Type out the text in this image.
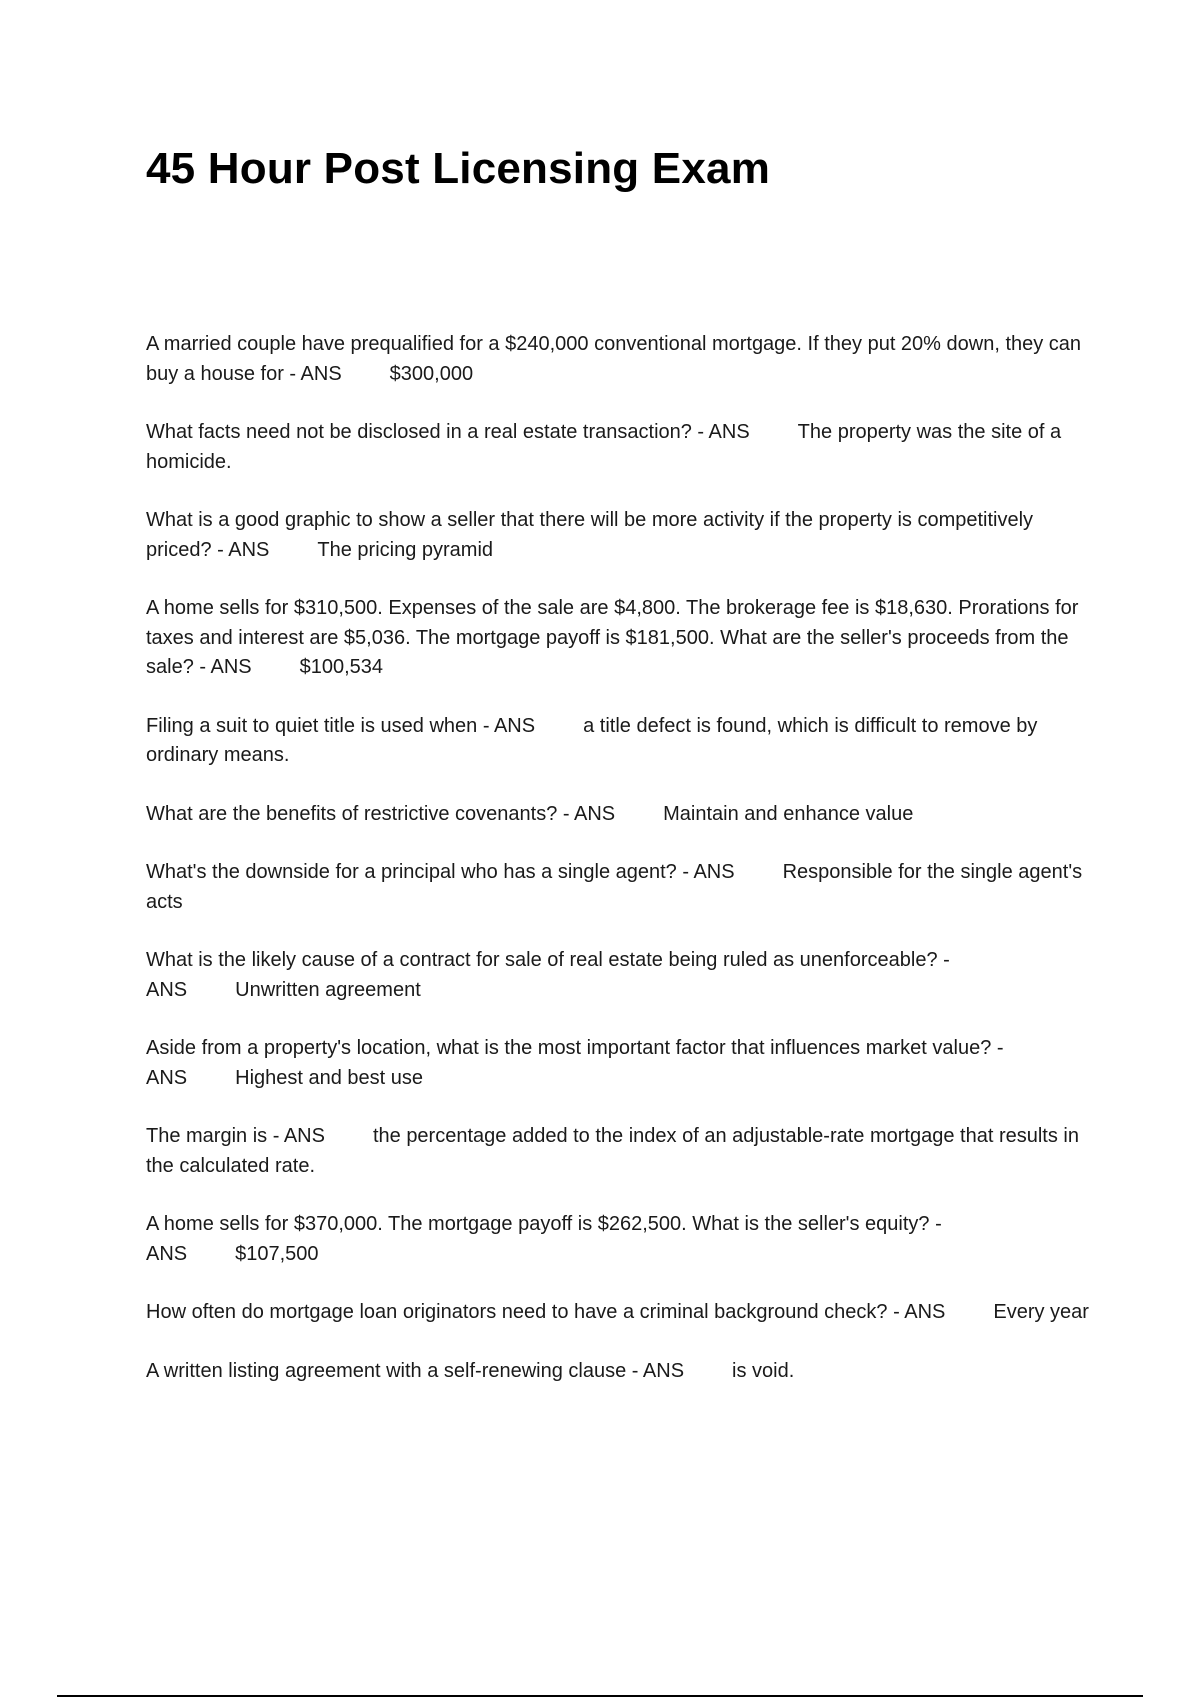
45 Hour Post Licensing Exam

A married couple have prequalified for a $240,000 conventional mortgage. If they put 20% down, they can buy a house for - ANS $300,000

What facts need not be disclosed in a real estate transaction? - ANS The property was the site of a homicide.

What is a good graphic to show a seller that there will be more activity if the property is competitively priced? - ANS The pricing pyramid

A home sells for $310,500. Expenses of the sale are $4,800. The brokerage fee is $18,630. Prorations for taxes and interest are $5,036. The mortgage payoff is $181,500. What are the seller's proceeds from the sale? - ANS $100,534

Filing a suit to quiet title is used when - ANS a title defect is found, which is difficult to remove by ordinary means.

What are the benefits of restrictive covenants? - ANS Maintain and enhance value

What's the downside for a principal who has a single agent? - ANS Responsible for the single agent's acts

What is the likely cause of a contract for sale of real estate being ruled as unenforceable? - ANS Unwritten agreement

Aside from a property's location, what is the most important factor that influences market value? - ANS Highest and best use

The margin is - ANS the percentage added to the index of an adjustable-rate mortgage that results in the calculated rate.

A home sells for $370,000. The mortgage payoff is $262,500. What is the seller's equity? - ANS $107,500

How often do mortgage loan originators need to have a criminal background check? - ANS Every year

A written listing agreement with a self-renewing clause - ANS is void.
